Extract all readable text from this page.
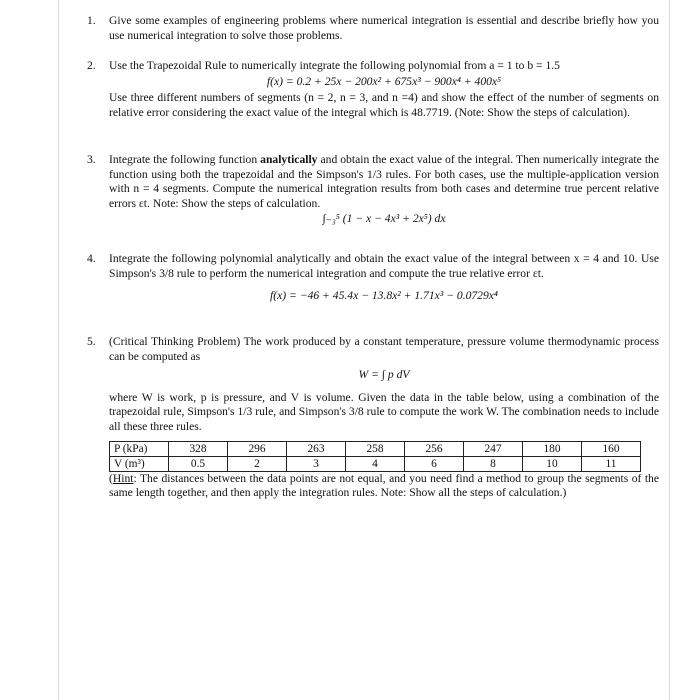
1.	Give some examples of engineering problems where numerical integration is essential and describe briefly how you use numerical integration to solve those problems.

2.	Use the Trapezoidal Rule to numerically integrate the following polynomial from a = 1 to b = 1.5

f(x) = 0.2 + 25x − 200x² + 675x³ − 900x⁴ + 400x⁵

Use three different numbers of segments (n = 2, n = 3, and n =4) and show the effect of the number of segments on relative error considering the exact value of the integral which is 48.7719. (Note: Show the steps of calculation).

3.	Integrate the following function analytically and obtain the exact value of the integral. Then numerically integrate the function using both the trapezoidal and the Simpson's 1/3 rules. For both cases, use the multiple-application version with n = 4 segments. Compute the numerical integration results from both cases and determine true percent relative errors εt. Note: Show the steps of calculation.

∫₋₃⁵ (1 − x − 4x³ + 2x⁵) dx
4.	Integrate the following polynomial analytically and obtain the exact value of the integral between x = 4 and 10. Use Simpson's 3/8 rule to perform the numerical integration and compute the true relative error εt.

f(x) = −46 + 45.4x − 13.8x² + 1.71x³ − 0.0729x⁴
5.	(Critical Thinking Problem) The work produced by a constant temperature, pressure volume thermodynamic process can be computed as

W = ∫ p dV

where W is work, p is pressure, and V is volume. Given the data in the table below, using a combination of the trapezoidal rule, Simpson's 1/3 rule, and Simpson's 3/8 rule to compute the work W. The combination needs to include all these three rules.

P (kPa)	328	296	263	258	256	247	180	160
V (m³)	0.5	2	3	4	6	8	10	11

(Hint: The distances between the data points are not equal, and you need find a method to group the segments of the same length together, and then apply the integration rules. Note: Show all the steps of calculation.)
